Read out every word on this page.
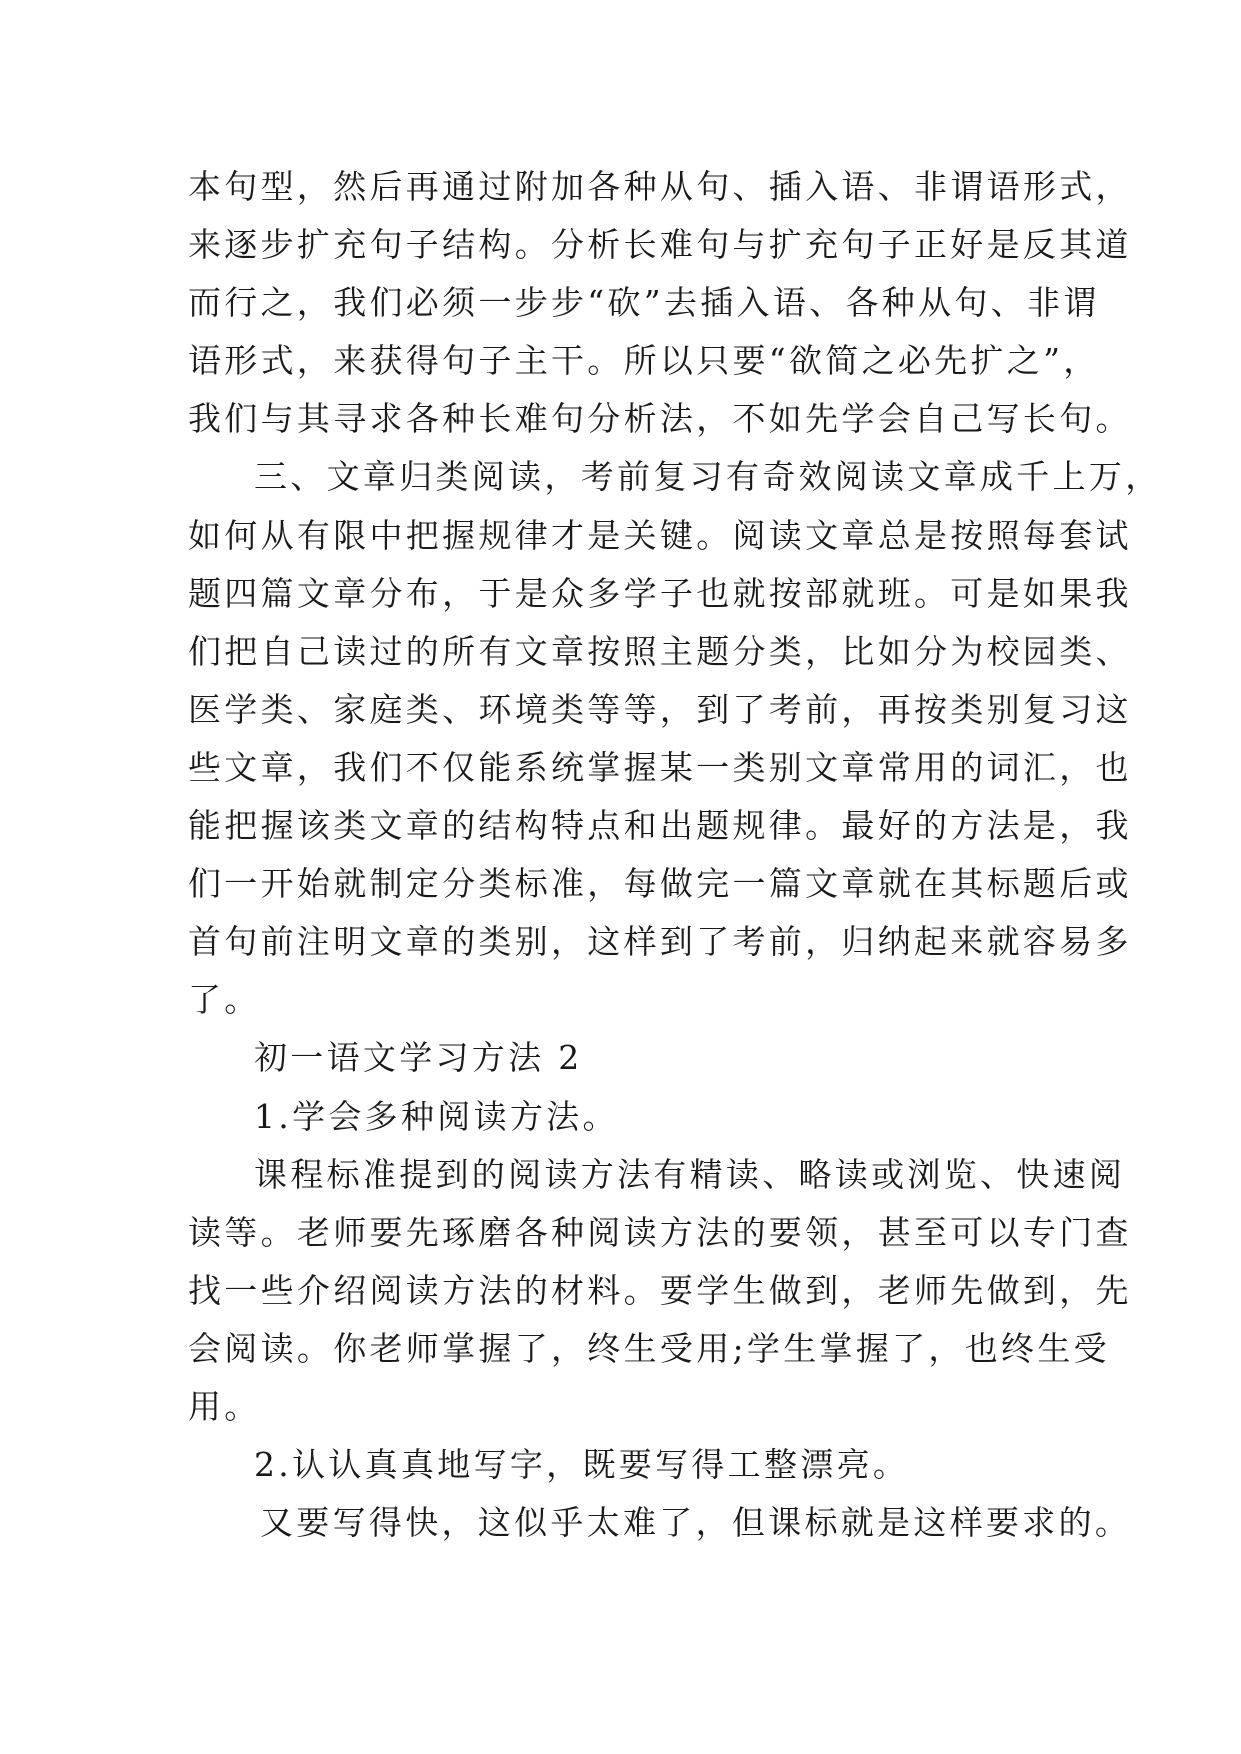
本句型，然后再通过附加各种从句、插入语、非谓语形式，
来逐步扩充句子结构。分析长难句与扩充句子正好是反其道
而行之，我们必须一步步“砍”去插入语、各种从句、非谓
语形式，来获得句子主干。所以只要“欲简之必先扩之”，
我们与其寻求各种长难句分析法，不如先学会自己写长句。
三、文章归类阅读，考前复习有奇效阅读文章成千上万，
如何从有限中把握规律才是关键。阅读文章总是按照每套试
题四篇文章分布，于是众多学子也就按部就班。可是如果我
们把自己读过的所有文章按照主题分类，比如分为校园类、
医学类、家庭类、环境类等等，到了考前，再按类别复习这
些文章，我们不仅能系统掌握某一类别文章常用的词汇，也
能把握该类文章的结构特点和出题规律。最好的方法是，我
们一开始就制定分类标准，每做完一篇文章就在其标题后或
首句前注明文章的类别，这样到了考前，归纳起来就容易多
了。
初一语文学习方法 2
1.学会多种阅读方法。
课程标准提到的阅读方法有精读、略读或浏览、快速阅
读等。老师要先琢磨各种阅读方法的要领，甚至可以专门查
找一些介绍阅读方法的材料。要学生做到，老师先做到，先
会阅读。你老师掌握了，终生受用;学生掌握了，也终生受
用。
2.认认真真地写字，既要写得工整漂亮。
又要写得快，这似乎太难了，但课标就是这样要求的。
